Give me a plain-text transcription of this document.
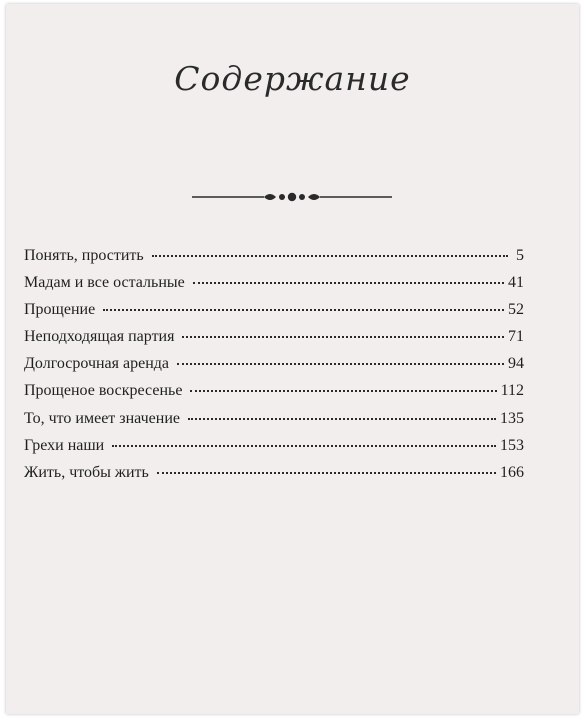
Содержание
Понять, простить	5
Мадам и все остальные	41
Прощение	52
Неподходящая партия	71
Долгосрочная аренда	94
Прощеное воскресенье	112
То, что имеет значение	135
Грехи наши	153
Жить, чтобы жить	166
